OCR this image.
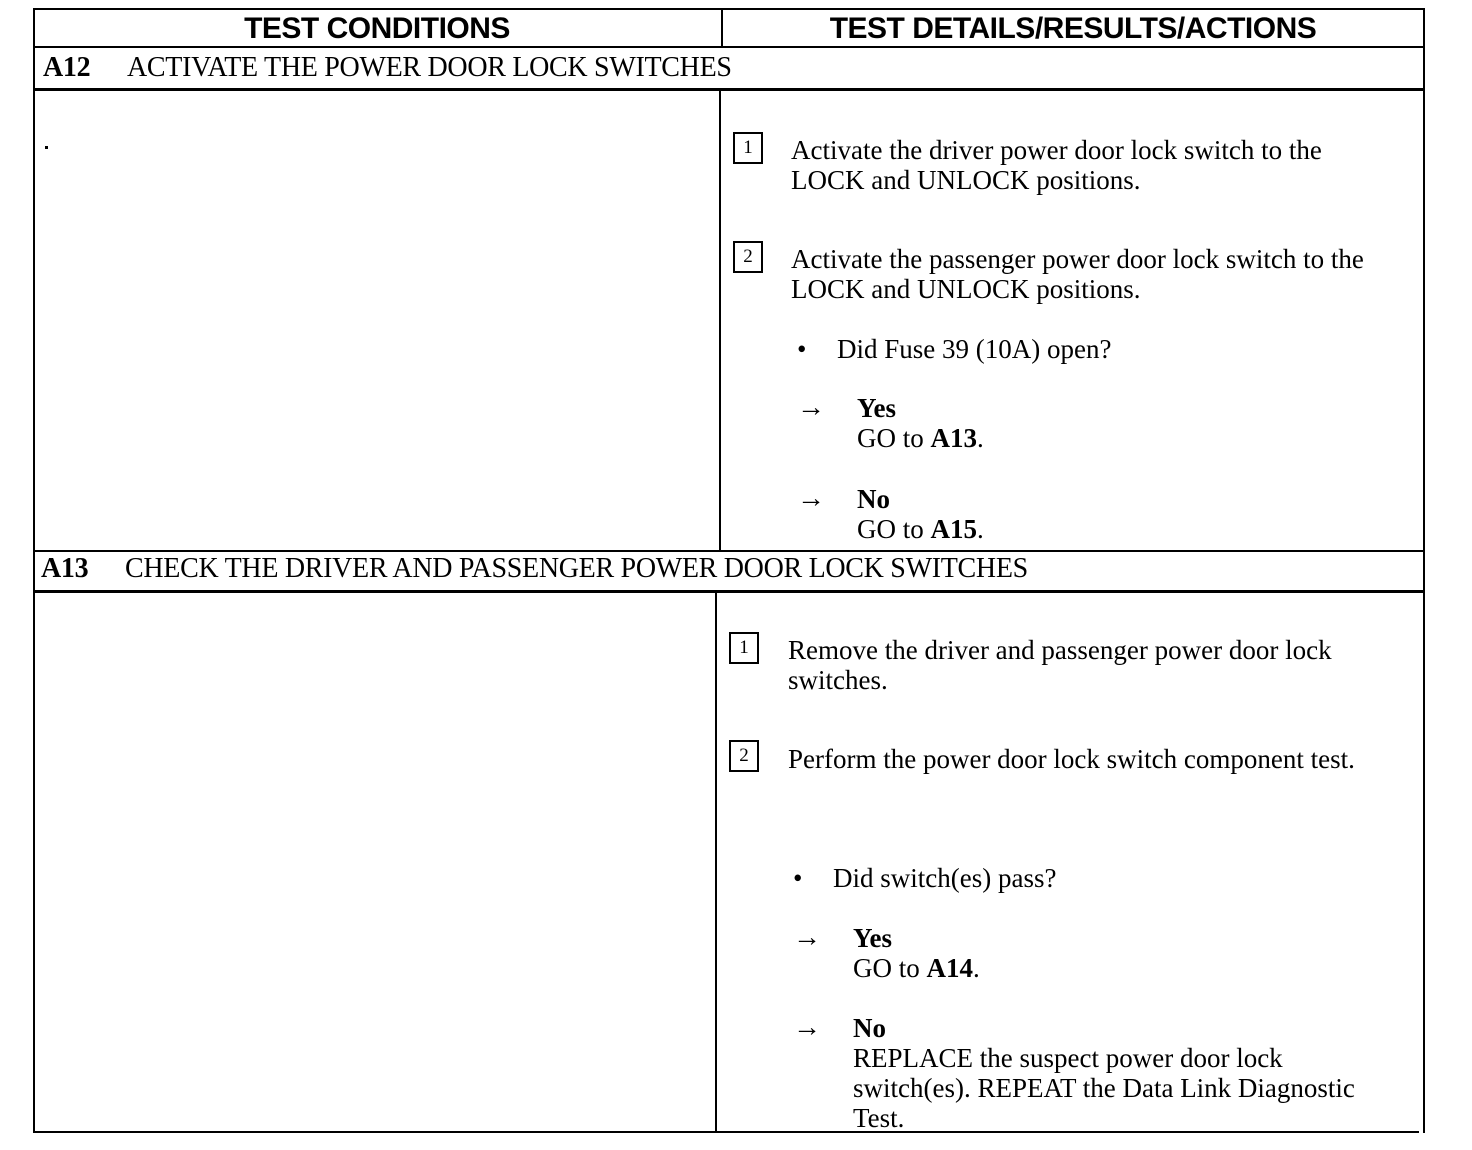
TEST CONDITIONS	TEST DETAILS/RESULTS/ACTIONS
A12 ACTIVATE THE POWER DOOR LOCK SWITCHES
1	Activate the driver power door lock switch to the LOCK and UNLOCK positions.
2	Activate the passenger power door lock switch to the LOCK and UNLOCK positions.
• Did Fuse 39 (10A) open?
→ Yes
GO to A13.
→ No
GO to A15.
A13 CHECK THE DRIVER AND PASSENGER POWER DOOR LOCK SWITCHES
1	Remove the driver and passenger power door lock switches.
2	Perform the power door lock switch component test.
• Did switch(es) pass?
→ Yes
GO to A14.
→ No
REPLACE the suspect power door lock switch(es). REPEAT the Data Link Diagnostic Test.
